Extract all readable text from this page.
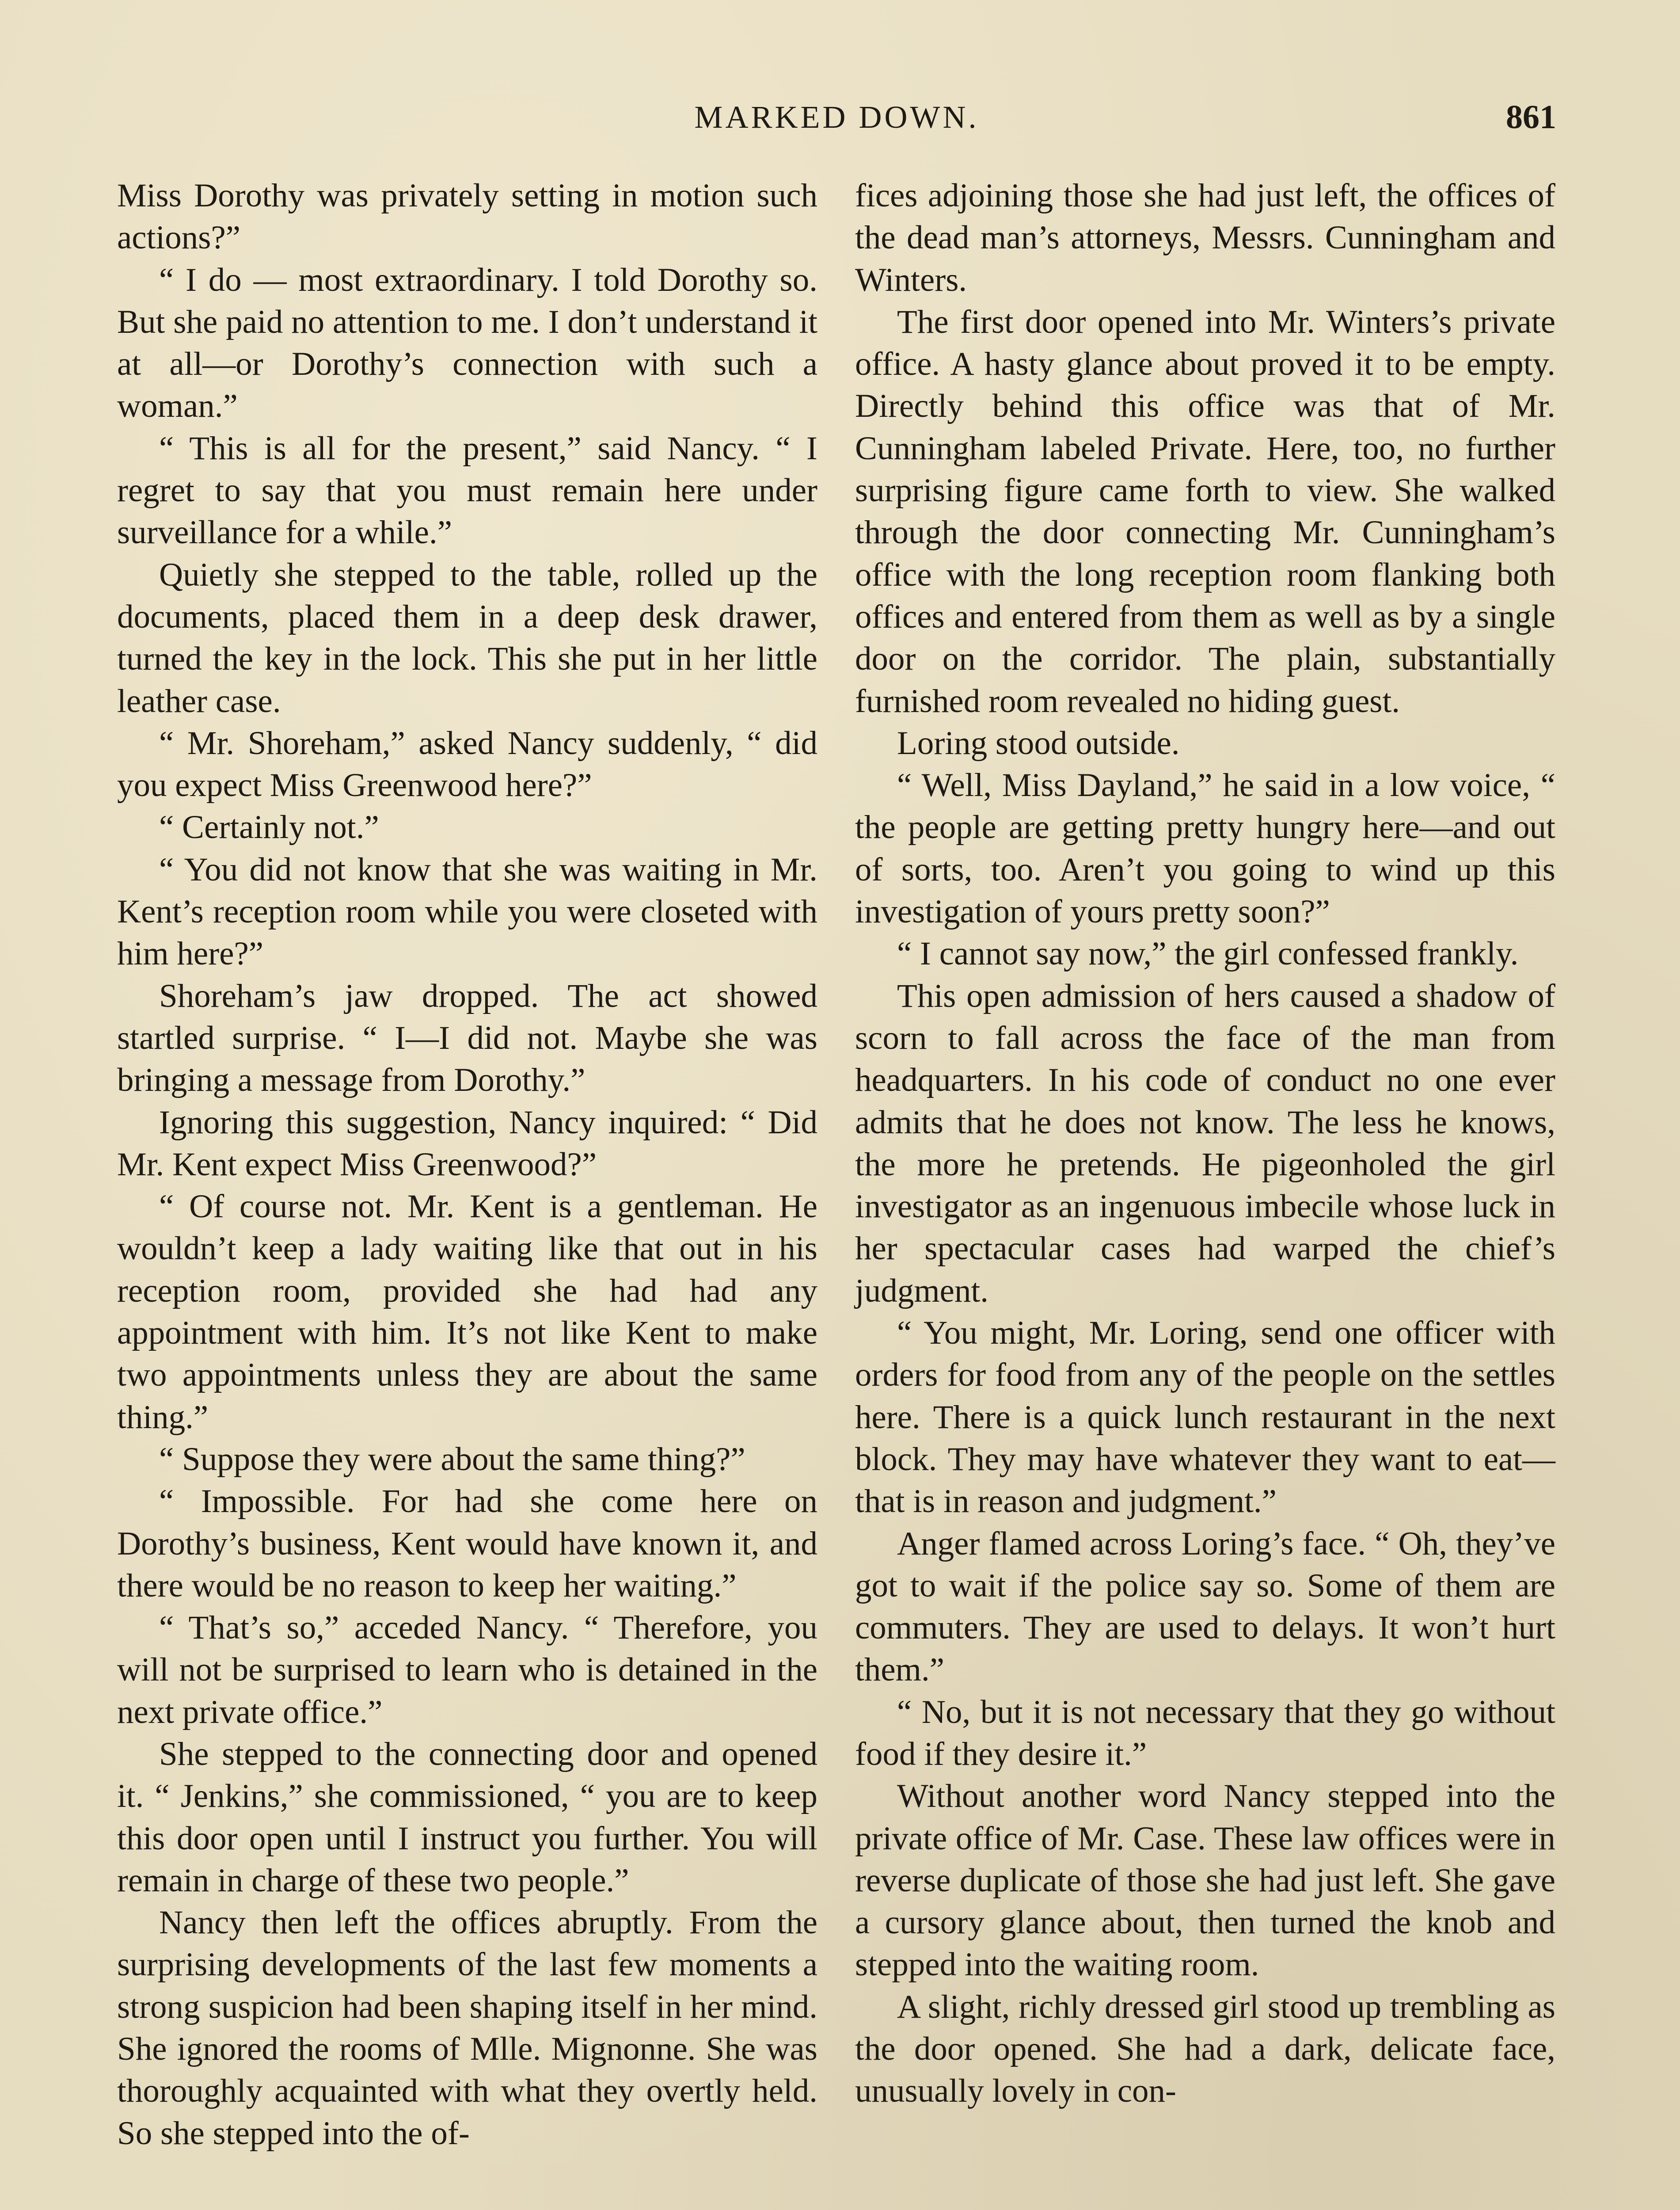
MARKED DOWN.	861

Miss Dorothy was privately setting in motion such actions?”

“ I do — most extraordinary. I told Dorothy so. But she paid no attention to me. I don’t understand it at all—or Dorothy’s connection with such a woman.”

“ This is all for the present,” said Nancy. “ I regret to say that you must remain here under surveillance for a while.”

Quietly she stepped to the table, rolled up the documents, placed them in a deep desk drawer, turned the key in the lock. This she put in her little leather case.

“ Mr. Shoreham,” asked Nancy suddenly, “ did you expect Miss Greenwood here?”

“ Certainly not.”

“ You did not know that she was waiting in Mr. Kent’s reception room while you were closeted with him here?”

Shoreham’s jaw dropped. The act showed startled surprise. “ I—I did not. Maybe she was bringing a message from Dorothy.”

Ignoring this suggestion, Nancy inquired: “ Did Mr. Kent expect Miss Greenwood?”

“ Of course not. Mr. Kent is a gentleman. He wouldn’t keep a lady waiting like that out in his reception room, provided she had had any appointment with him. It’s not like Kent to make two appointments unless they are about the same thing.”

“ Suppose they were about the same thing?”

“ Impossible. For had she come here on Dorothy’s business, Kent would have known it, and there would be no reason to keep her waiting.”

“ That’s so,” acceded Nancy. “ Therefore, you will not be surprised to learn who is detained in the next private office.”

She stepped to the connecting door and opened it. “ Jenkins,” she commissioned, “ you are to keep this door open until I instruct you further. You will remain in charge of these two people.”

Nancy then left the offices abruptly. From the surprising developments of the last few moments a strong suspicion had been shaping itself in her mind. She ignored the rooms of Mlle. Mignonne. She was thoroughly acquainted with what they overtly held. So she stepped into the of-

fices adjoining those she had just left, the offices of the dead man’s attorneys, Messrs. Cunningham and Winters.

The first door opened into Mr. Winters’s private office. A hasty glance about proved it to be empty. Directly behind this office was that of Mr. Cunningham labeled Private. Here, too, no further surprising figure came forth to view. She walked through the door connecting Mr. Cunningham’s office with the long reception room flanking both offices and entered from them as well as by a single door on the corridor. The plain, substantially furnished room revealed no hiding guest.

Loring stood outside.

“ Well, Miss Dayland,” he said in a low voice, “ the people are getting pretty hungry here—and out of sorts, too. Aren’t you going to wind up this investigation of yours pretty soon?”

“ I cannot say now,” the girl confessed frankly.

This open admission of hers caused a shadow of scorn to fall across the face of the man from headquarters. In his code of conduct no one ever admits that he does not know. The less he knows, the more he pretends. He pigeonholed the girl investigator as an ingenuous imbecile whose luck in her spectacular cases had warped the chief’s judgment.

“ You might, Mr. Loring, send one officer with orders for food from any of the people on the settles here. There is a quick lunch restaurant in the next block. They may have whatever they want to eat—that is in reason and judgment.”

Anger flamed across Loring’s face. “ Oh, they’ve got to wait if the police say so. Some of them are commuters. They are used to delays. It won’t hurt them.”

“ No, but it is not necessary that they go without food if they desire it.”

Without another word Nancy stepped into the private office of Mr. Case. These law offices were in reverse duplicate of those she had just left. She gave a cursory glance about, then turned the knob and stepped into the waiting room.

A slight, richly dressed girl stood up trembling as the door opened. She had a dark, delicate face, unusually lovely in con-
